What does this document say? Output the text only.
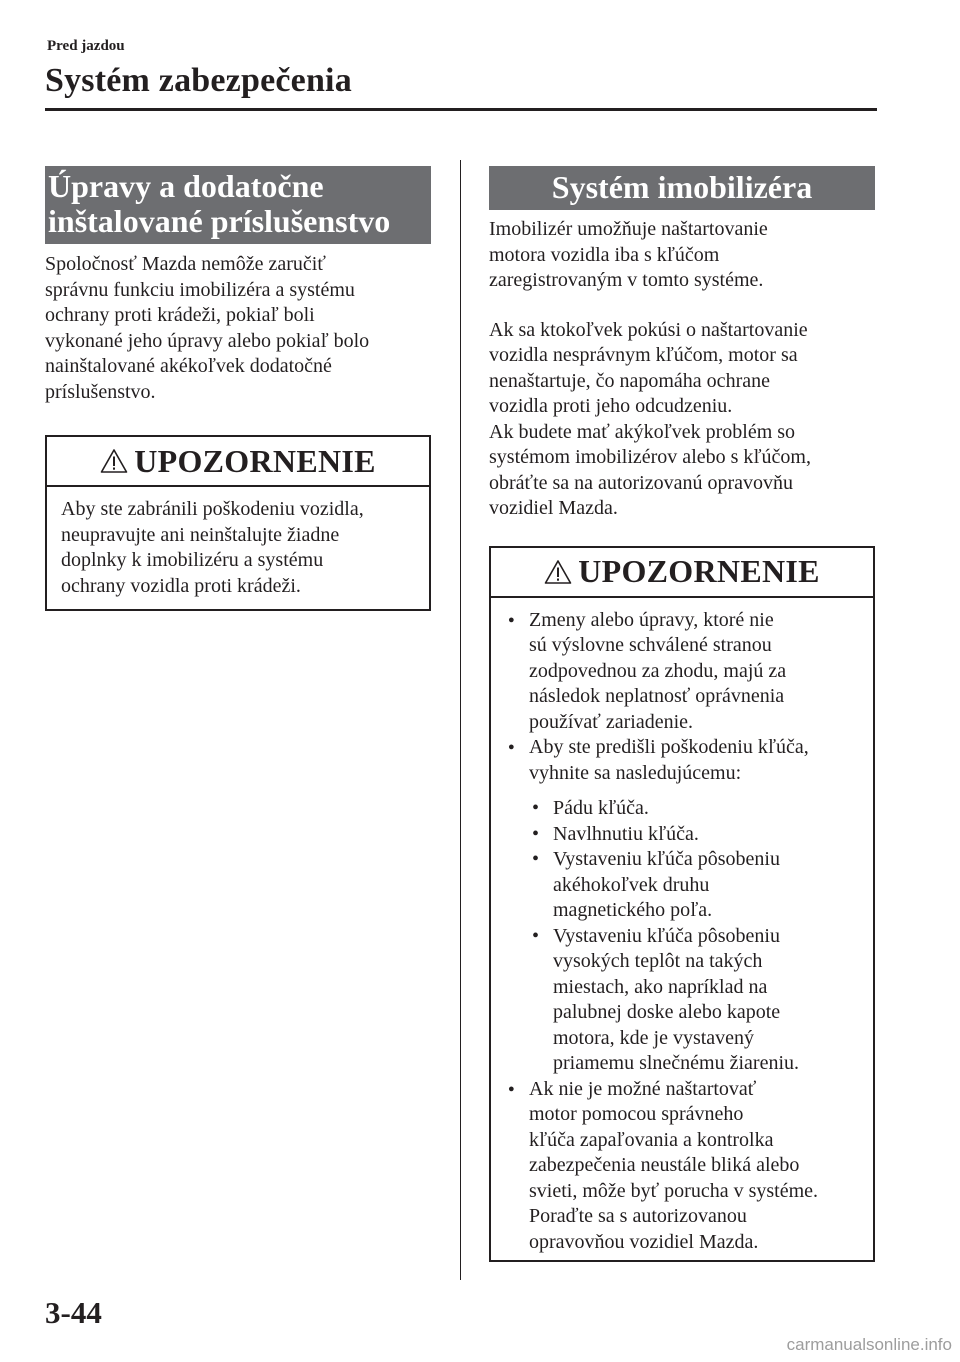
Pred jazdou
Systém zabezpečenia
Úpravy a dodatočne
inštalované príslušenstvo
Spoločnosť Mazda nemôže zaručiť
správnu funkciu imobilizéra a systému
ochrany proti krádeži, pokiaľ boli
vykonané jeho úpravy alebo pokiaľ bolo
nainštalované akékoľvek dodatočné
príslušenstvo.
UPOZORNENIE
Aby ste zabránili poškodeniu vozidla,
neupravujte ani neinštalujte žiadne
doplnky k imobilizéru a systému
ochrany vozidla proti krádeži.
Systém imobilizéra
Imobilizér umožňuje naštartovanie
motora vozidla iba s kľúčom
zaregistrovaným v tomto systéme.
Ak sa ktokoľvek pokúsi o naštartovanie
vozidla nesprávnym kľúčom, motor sa
nenaštartuje, čo napomáha ochrane
vozidla proti jeho odcudzeniu.
Ak budete mať akýkoľvek problém so
systémom imobilizérov alebo s kľúčom,
obráťte sa na autorizovanú opravovňu
vozidiel Mazda.
UPOZORNENIE
● Zmeny alebo úpravy, ktoré nie
sú výslovne schválené stranou
zodpovednou za zhodu, majú za
následok neplatnosť oprávnenia
používať zariadenie.
● Aby ste predišli poškodeniu kľúča,
vyhnite sa nasledujúcemu:
• Pádu kľúča.
• Navlhnutiu kľúča.
• Vystaveniu kľúča pôsobeniu
akéhokoľvek druhu
magnetického poľa.
• Vystaveniu kľúča pôsobeniu
vysokých teplôt na takých
miestach, ako napríklad na
palubnej doske alebo kapote
motora, kde je vystavený
priamemu slnečnému žiareniu.
● Ak nie je možné naštartovať
motor pomocou správneho
kľúča zapaľovania a kontrolka
zabezpečenia neustále bliká alebo
svieti, môže byť porucha v systéme.
Poraďte sa s autorizovanou
opravovňou vozidiel Mazda.
3-44
carmanualsonline.info
